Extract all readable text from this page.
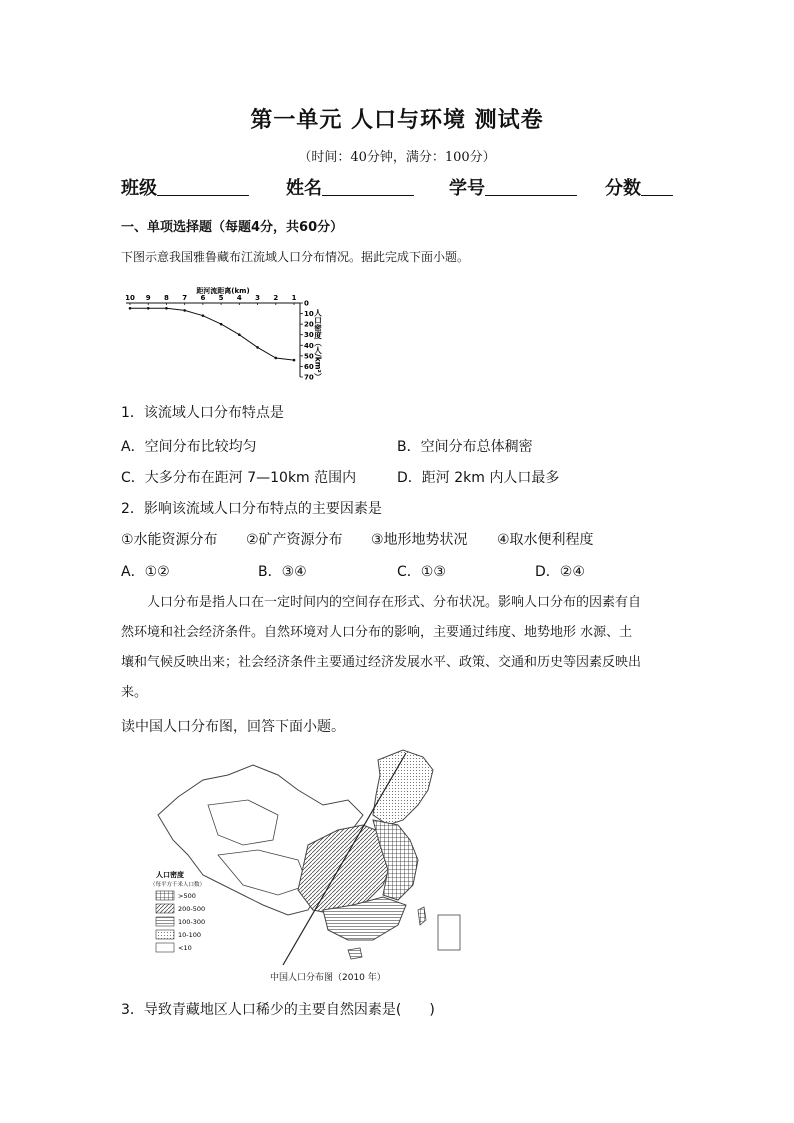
第一单元 人口与环境 测试卷
（时间：40分钟，满分：100分）
班级	姓名	学号	分数
一、单项选择题（每题4分，共60分）
下图示意我国雅鲁藏布江流域人口分布情况。据此完成下面小题。
距河流距离(km)
10 9 8 7 6 5 4 3 2 1
0
10
20
30
40
50
60
70 人口密度（人/km²）
1．该流域人口分布特点是
A．空间分布比较均匀	B．空间分布总体稠密
C．大多分布在距河 7—10km 范围内	D．距河 2km 内人口最多
2．影响该流域人口分布特点的主要因素是
①水能资源分布 ②矿产资源分布 ③地形地势状况 ④取水便利程度
A．①②	B．③④	C．①③	D．②④

人口分布是指人口在一定时间内的空间存在形式、分布状况。影响人口分布的因素有自

然环境和社会经济条件。自然环境对人口分布的影响，主要通过纬度、地势地形 水源、土

壤和气候反映出来；社会经济条件主要通过经济发展水平、政策、交通和历史等因素反映出

来。

读中国人口分布图，回答下面小题。
人口密度
（每平方千米人口数）
>500
200-500
100-300
10-100
<10
中国人口分布图（2010 年）
3．导致青藏地区人口稀少的主要自然因素是(　　)
